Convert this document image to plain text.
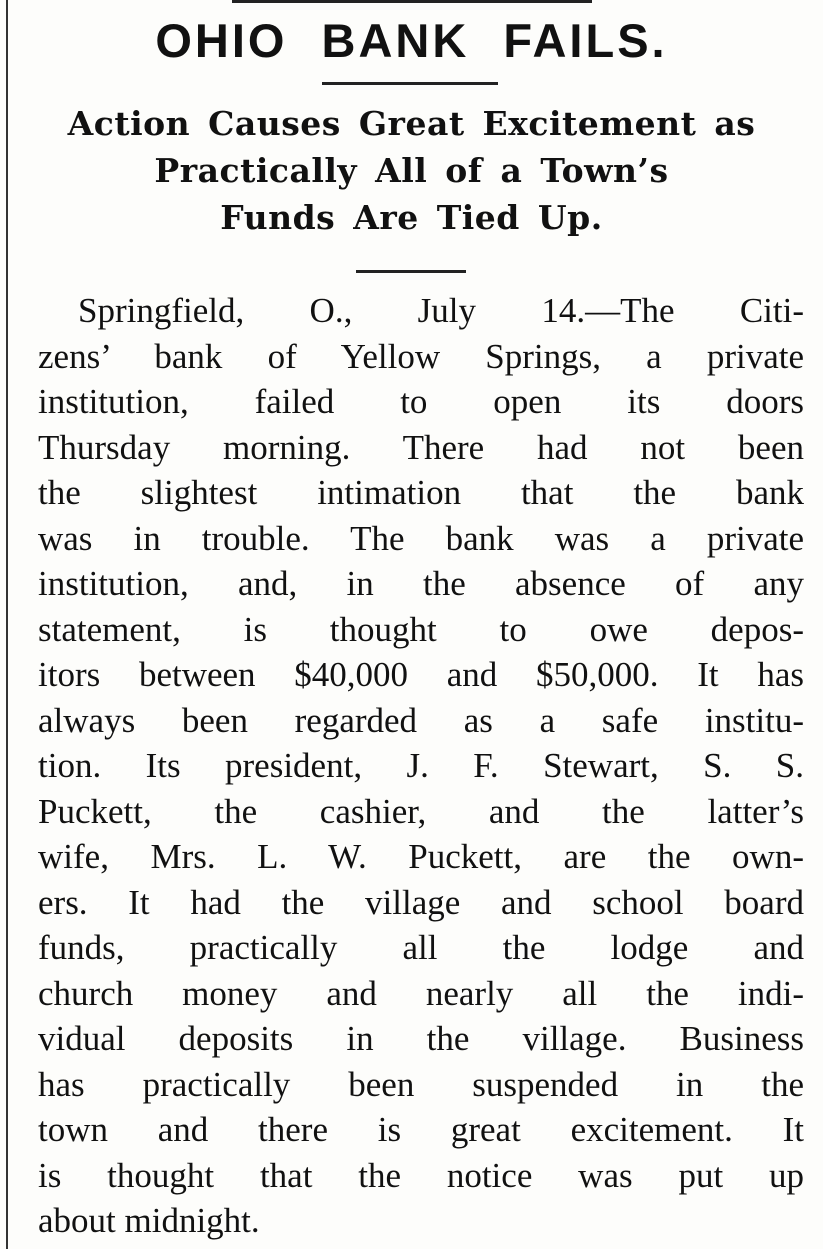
OHIO BANK FAILS.
Action Causes Great Excitement as
Practically All of a Town’s
Funds Are Tied Up.
Springfield, O., July 14.—The Citi-
zens’ bank of Yellow Springs, a private
institution, failed to open its doors
Thursday morning. There had not been
the slightest intimation that the bank
was in trouble. The bank was a private
institution, and, in the absence of any
statement, is thought to owe depos-
itors between $40,000 and $50,000. It has
always been regarded as a safe institu-
tion. Its president, J. F. Stewart, S. S.
Puckett, the cashier, and the latter’s
wife, Mrs. L. W. Puckett, are the own-
ers. It had the village and school board
funds, practically all the lodge and
church money and nearly all the indi-
vidual deposits in the village. Business
has practically been suspended in the
town and there is great excitement. It
is thought that the notice was put up
about midnight.
